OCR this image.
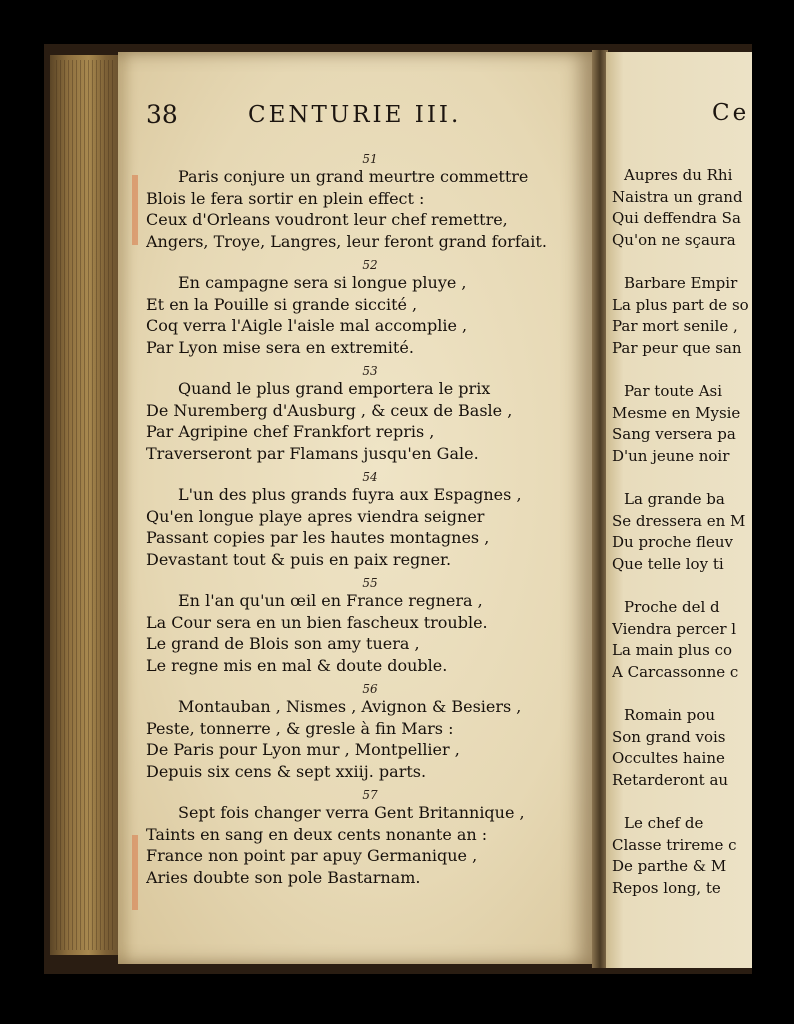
38	CENTURIE III.
51
Paris conjure un grand meurtre commettre
Blois le fera sortir en plein effect :
Ceux d'Orleans voudront leur chef remettre,
Angers, Troye, Langres, leur feront grand forfait.
52
En campagne sera si longue pluye ,
Et en la Pouille si grande siccité ,
Coq verra l'Aigle l'aisle mal accomplie ,
Par Lyon mise sera en extremité.
53
Quand le plus grand emportera le prix
De Nuremberg d'Ausburg , & ceux de Basle ,
Par Agripine chef Frankfort repris ,
Traverseront par Flamans jusqu'en Gale.
54
L'un des plus grands fuyra aux Espagnes ,
Qu'en longue playe apres viendra seigner
Passant copies par les hautes montagnes ,
Devastant tout & puis en paix regner.
55
En l'an qu'un œil en France regnera ,
La Cour sera en un bien fascheux trouble.
Le grand de Blois son amy tuera ,
Le regne mis en mal & doute double.
56
Montauban , Nismes , Avignon & Besiers ,
Peste, tonnerre , & gresle à fin Mars :
De Paris pour Lyon mur , Montpellier ,
Depuis six cens & sept xxiij. parts.
57
Sept fois changer verra Gent Britannique ,
Taints en sang en deux cents nonante an :
France non point par apuy Germanique ,
Aries doubte son pole Bastarnam.
Ce
Aupres du Rhi
Naistra un grand
Qui deffendra Sa
Qu'on ne sçaura
Barbare Empir
La plus part de so
Par mort senile ,
Par peur que san
Par toute Asi
Mesme en Mysie
Sang versera pa
D'un jeune noir
La grande ba
Se dressera en M
Du proche fleuv
Que telle loy ti
Proche del d
Viendra percer l
La main plus co
A Carcassonne c
Romain pou
Son grand vois
Occultes haine
Retarderont au
Le chef de
Classe trireme c
De parthe & M
Repos long, te
